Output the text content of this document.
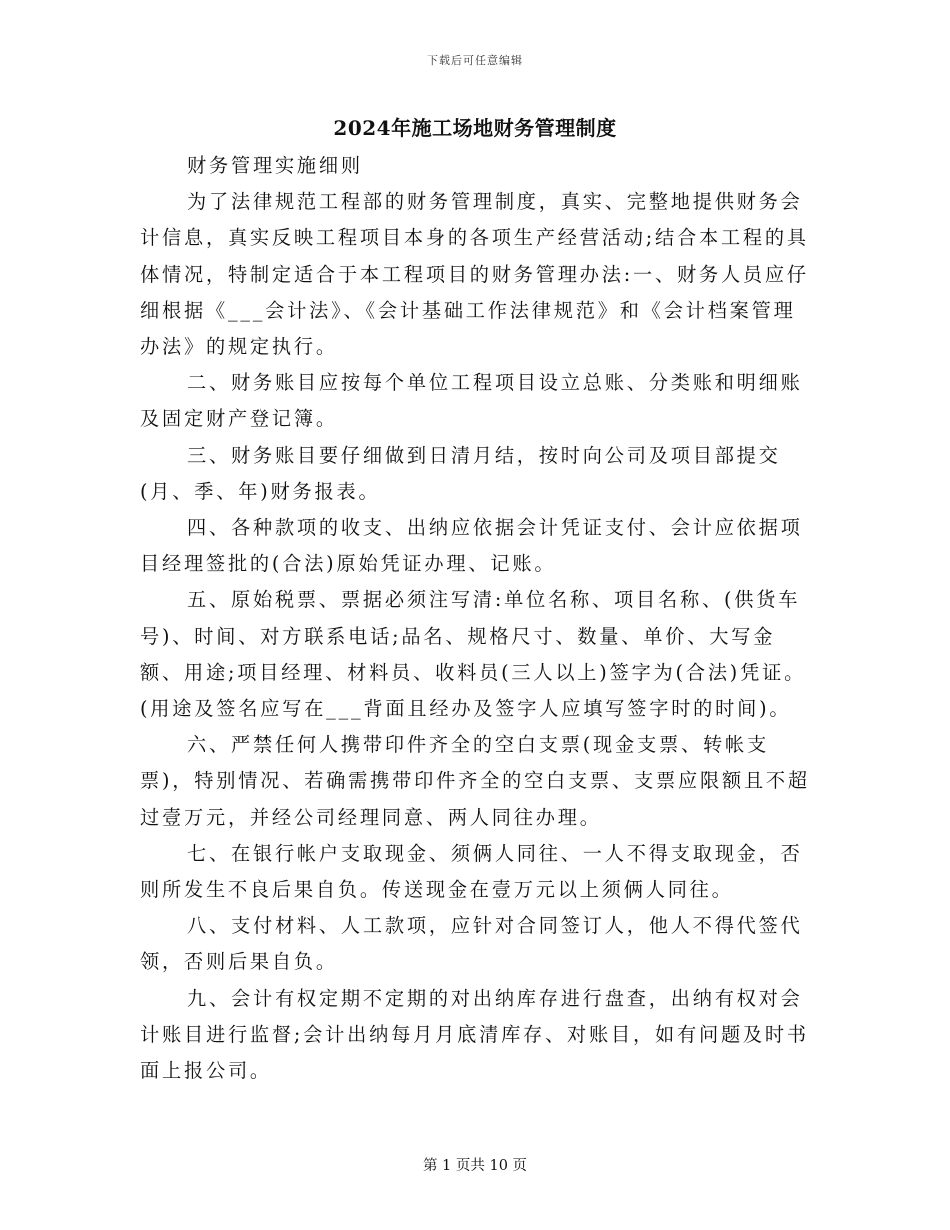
下载后可任意编辑
2024年施工场地财务管理制度

财务管理实施细则

为了法律规范工程部的财务管理制度，真实、完整地提供财务会计信息，真实反映工程项目本身的各项生产经营活动;结合本工程的具体情况，特制定适合于本工程项目的财务管理办法:一、财务人员应仔细根据《___会计法》、《会计基础工作法律规范》和《会计档案管理办法》的规定执行。

二、财务账目应按每个单位工程项目设立总账、分类账和明细账及固定财产登记簿。

三、财务账目要仔细做到日清月结，按时向公司及项目部提交(月、季、年)财务报表。

四、各种款项的收支、出纳应依据会计凭证支付、会计应依据项目经理签批的(合法)原始凭证办理、记账。

五、原始税票、票据必须注写清:单位名称、项目名称、(供货车号)、时间、对方联系电话;品名、规格尺寸、数量、单价、大写金额、用途;项目经理、材料员、收料员(三人以上)签字为(合法)凭证。(用途及签名应写在___背面且经办及签字人应填写签字时的时间)。

六、严禁任何人携带印件齐全的空白支票(现金支票、转帐支票)，特别情况、若确需携带印件齐全的空白支票、支票应限额且不超过壹万元，并经公司经理同意、两人同往办理。

七、在银行帐户支取现金、须俩人同往、一人不得支取现金，否则所发生不良后果自负。传送现金在壹万元以上须俩人同往。

八、支付材料、人工款项，应针对合同签订人，他人不得代签代领，否则后果自负。

九、会计有权定期不定期的对出纳库存进行盘查，出纳有权对会计账目进行监督;会计出纳每月月底清库存、对账目，如有问题及时书面上报公司。

第 1 页共 10 页
